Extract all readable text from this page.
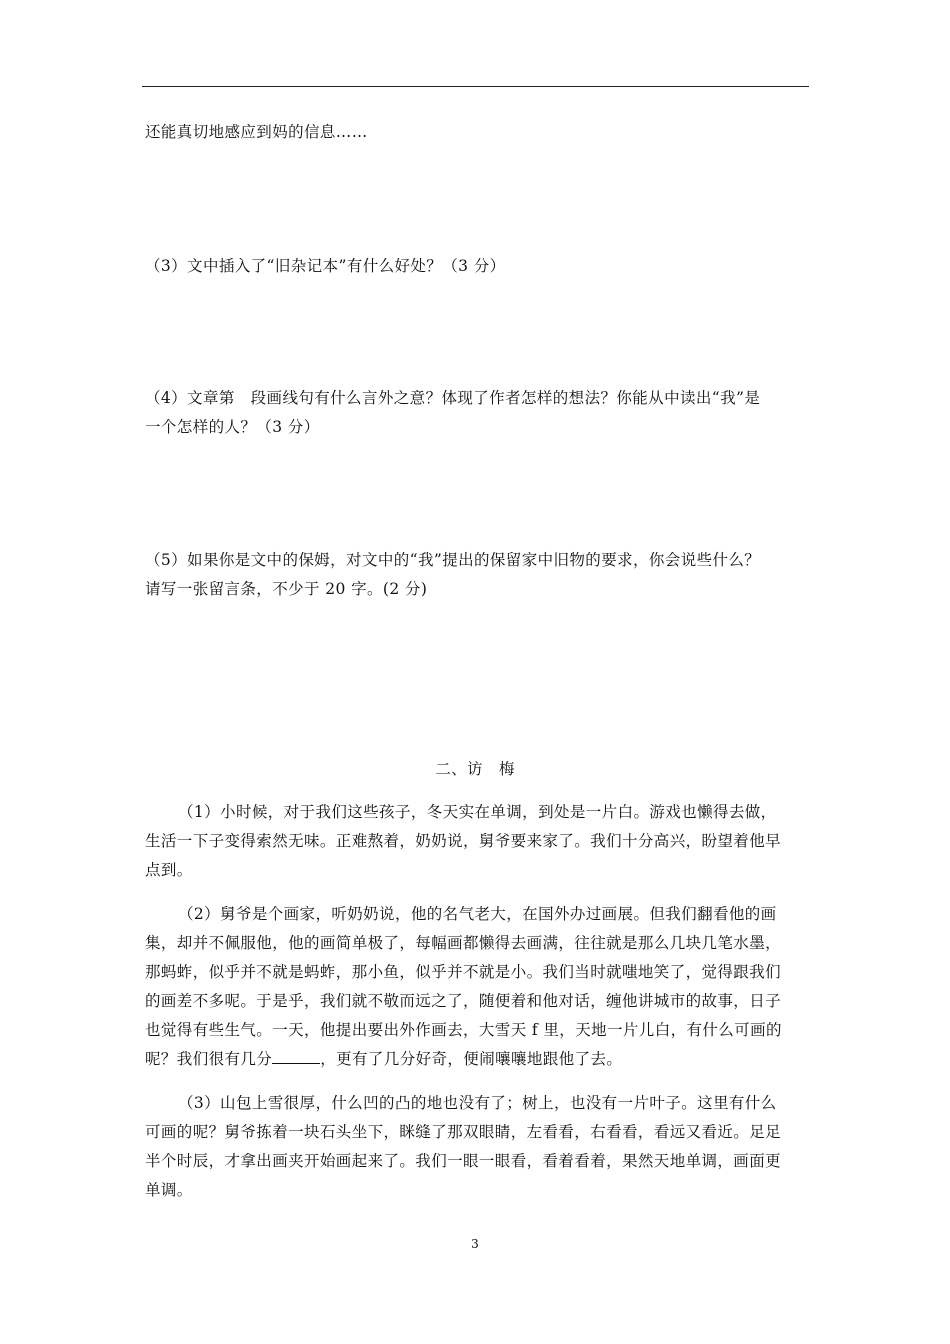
还能真切地感应到妈的信息……
（3）文中插入了“旧杂记本”有什么好处？（3 分）
（4）文章第　段画线句有什么言外之意？体现了作者怎样的想法？你能从中读出“我”是
一个怎样的人？（3 分）
（5）如果你是文中的保姆，对文中的“我”提出的保留家中旧物的要求，你会说些什么？
请写一张留言条，不少于 20 字。(2 分)
二、访　梅
（1）小时候，对于我们这些孩子，冬天实在单调，到处是一片白。游戏也懒得去做，
生活一下子变得索然无味。正难熬着，奶奶说，舅爷要来家了。我们十分高兴，盼望着他早
点到。
（2）舅爷是个画家，听奶奶说，他的名气老大，在国外办过画展。但我们翻看他的画
集，却并不佩服他，他的画简单极了，每幅画都懒得去画满，往往就是那么几块几笔水墨，
那蚂蚱，似乎并不就是蚂蚱，那小鱼，似乎并不就是小。我们当时就嗤地笑了，觉得跟我们
的画差不多呢。于是乎，我们就不敬而远之了，随便着和他对话，缠他讲城市的故事，日子
也觉得有些生气。一天，他提出要出外作画去，大雪天 f 里，天地一片儿白，有什么可画的
呢？我们很有几分	，更有了几分好奇，便闹嚷嚷地跟他了去。
（3）山包上雪很厚，什么凹的凸的地也没有了；树上，也没有一片叶子。这里有什么
可画的呢？舅爷拣着一块石头坐下，眯缝了那双眼睛，左看看，右看看，看远又看近。足足
半个时辰，才拿出画夹开始画起来了。我们一眼一眼看，看着看着，果然天地单调，画面更
单调。
3
